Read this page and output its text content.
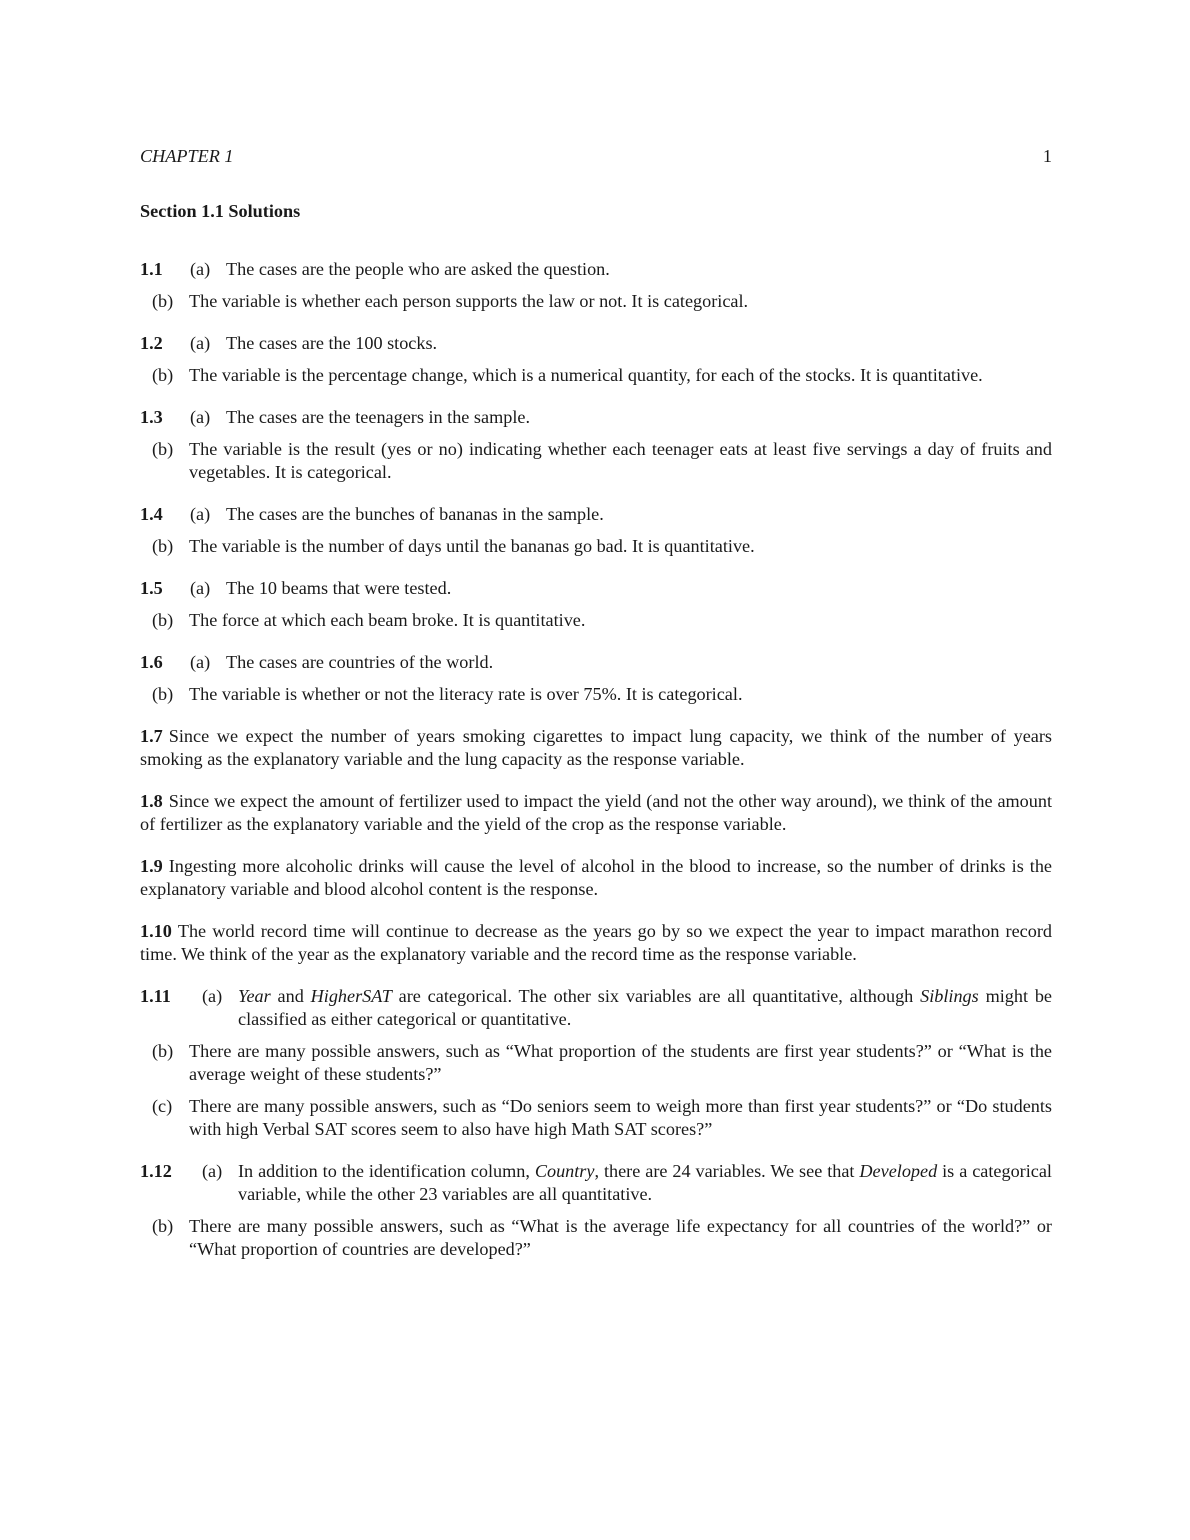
CHAPTER 1	1
Section 1.1 Solutions
1.1	(a) The cases are the people who are asked the question.
(b) The variable is whether each person supports the law or not. It is categorical.
1.2	(a) The cases are the 100 stocks.
(b) The variable is the percentage change, which is a numerical quantity, for each of the stocks. It is quantitative.
1.3	(a) The cases are the teenagers in the sample.
(b) The variable is the result (yes or no) indicating whether each teenager eats at least five servings a day of fruits and vegetables. It is categorical.
1.4	(a) The cases are the bunches of bananas in the sample.
(b) The variable is the number of days until the bananas go bad. It is quantitative.
1.5	(a) The 10 beams that were tested.
(b) The force at which each beam broke. It is quantitative.
1.6	(a) The cases are countries of the world.
(b) The variable is whether or not the literacy rate is over 75%. It is categorical.
1.7 Since we expect the number of years smoking cigarettes to impact lung capacity, we think of the number of years smoking as the explanatory variable and the lung capacity as the response variable.
1.8 Since we expect the amount of fertilizer used to impact the yield (and not the other way around), we think of the amount of fertilizer as the explanatory variable and the yield of the crop as the response variable.
1.9 Ingesting more alcoholic drinks will cause the level of alcohol in the blood to increase, so the number of drinks is the explanatory variable and blood alcohol content is the response.
1.10 The world record time will continue to decrease as the years go by so we expect the year to impact marathon record time. We think of the year as the explanatory variable and the record time as the response variable.
1.11	(a) Year and HigherSAT are categorical. The other six variables are all quantitative, although Siblings might be classified as either categorical or quantitative.
(b) There are many possible answers, such as “What proportion of the students are first year students?” or “What is the average weight of these students?”
(c) There are many possible answers, such as “Do seniors seem to weigh more than first year students?” or “Do students with high Verbal SAT scores seem to also have high Math SAT scores?”
1.12	(a) In addition to the identification column, Country, there are 24 variables. We see that Developed is a categorical variable, while the other 23 variables are all quantitative.
(b) There are many possible answers, such as “What is the average life expectancy for all countries of the world?” or “What proportion of countries are developed?”
